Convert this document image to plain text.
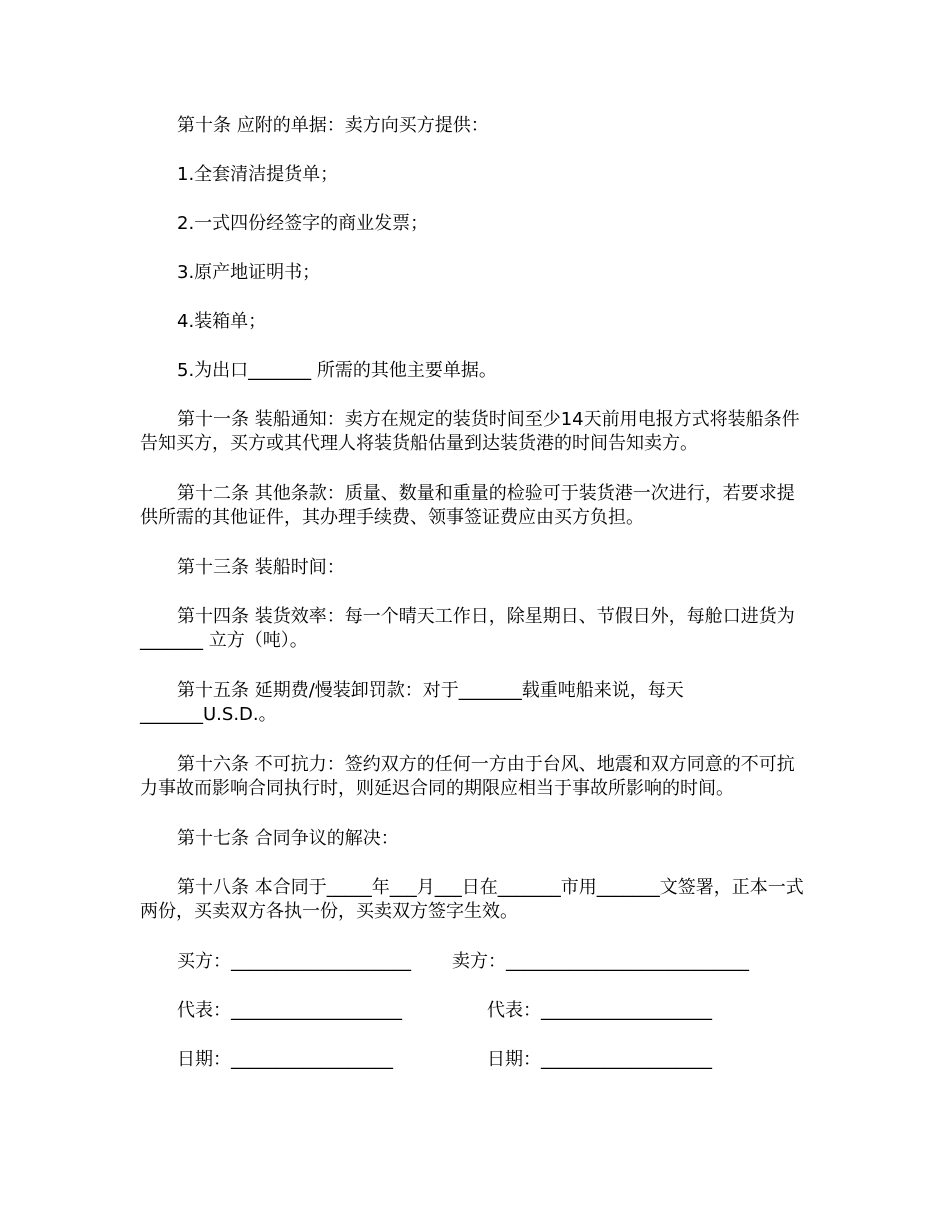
第十条 应附的单据：卖方向买方提供：
1.全套清洁提货单；
2.一式四份经签字的商业发票；
3.原产地证明书；
4.装箱单；
5.为出口_______ 所需的其他主要单据。
第十一条 装船通知：卖方在规定的装货时间至少14天前用电报方式将装船条件告知买方，买方或其代理人将装货船估量到达装货港的时间告知卖方。
第十二条 其他条款：质量、数量和重量的检验可于装货港一次进行，若要求提供所需的其他证件，其办理手续费、领事签证费应由买方负担。
第十三条 装船时间：
第十四条 装货效率：每一个晴天工作日，除星期日、节假日外，每舱口进货为_______ 立方（吨）。
第十五条 延期费/慢装卸罚款：对于_______载重吨船来说，每天_______U.S.D.。
第十六条 不可抗力：签约双方的任何一方由于台风、地震和双方同意的不可抗力事故而影响合同执行时，则延迟合同的期限应相当于事故所影响的时间。
第十七条 合同争议的解决：
第十八条 本合同于_____年___月___日在_______市用_______文签署，正本一式两份，买卖双方各执一份，买卖双方签字生效。
买方：____________________ 卖方：___________________________
代表：___________________	代表：___________________
日期：__________________	日期：___________________
